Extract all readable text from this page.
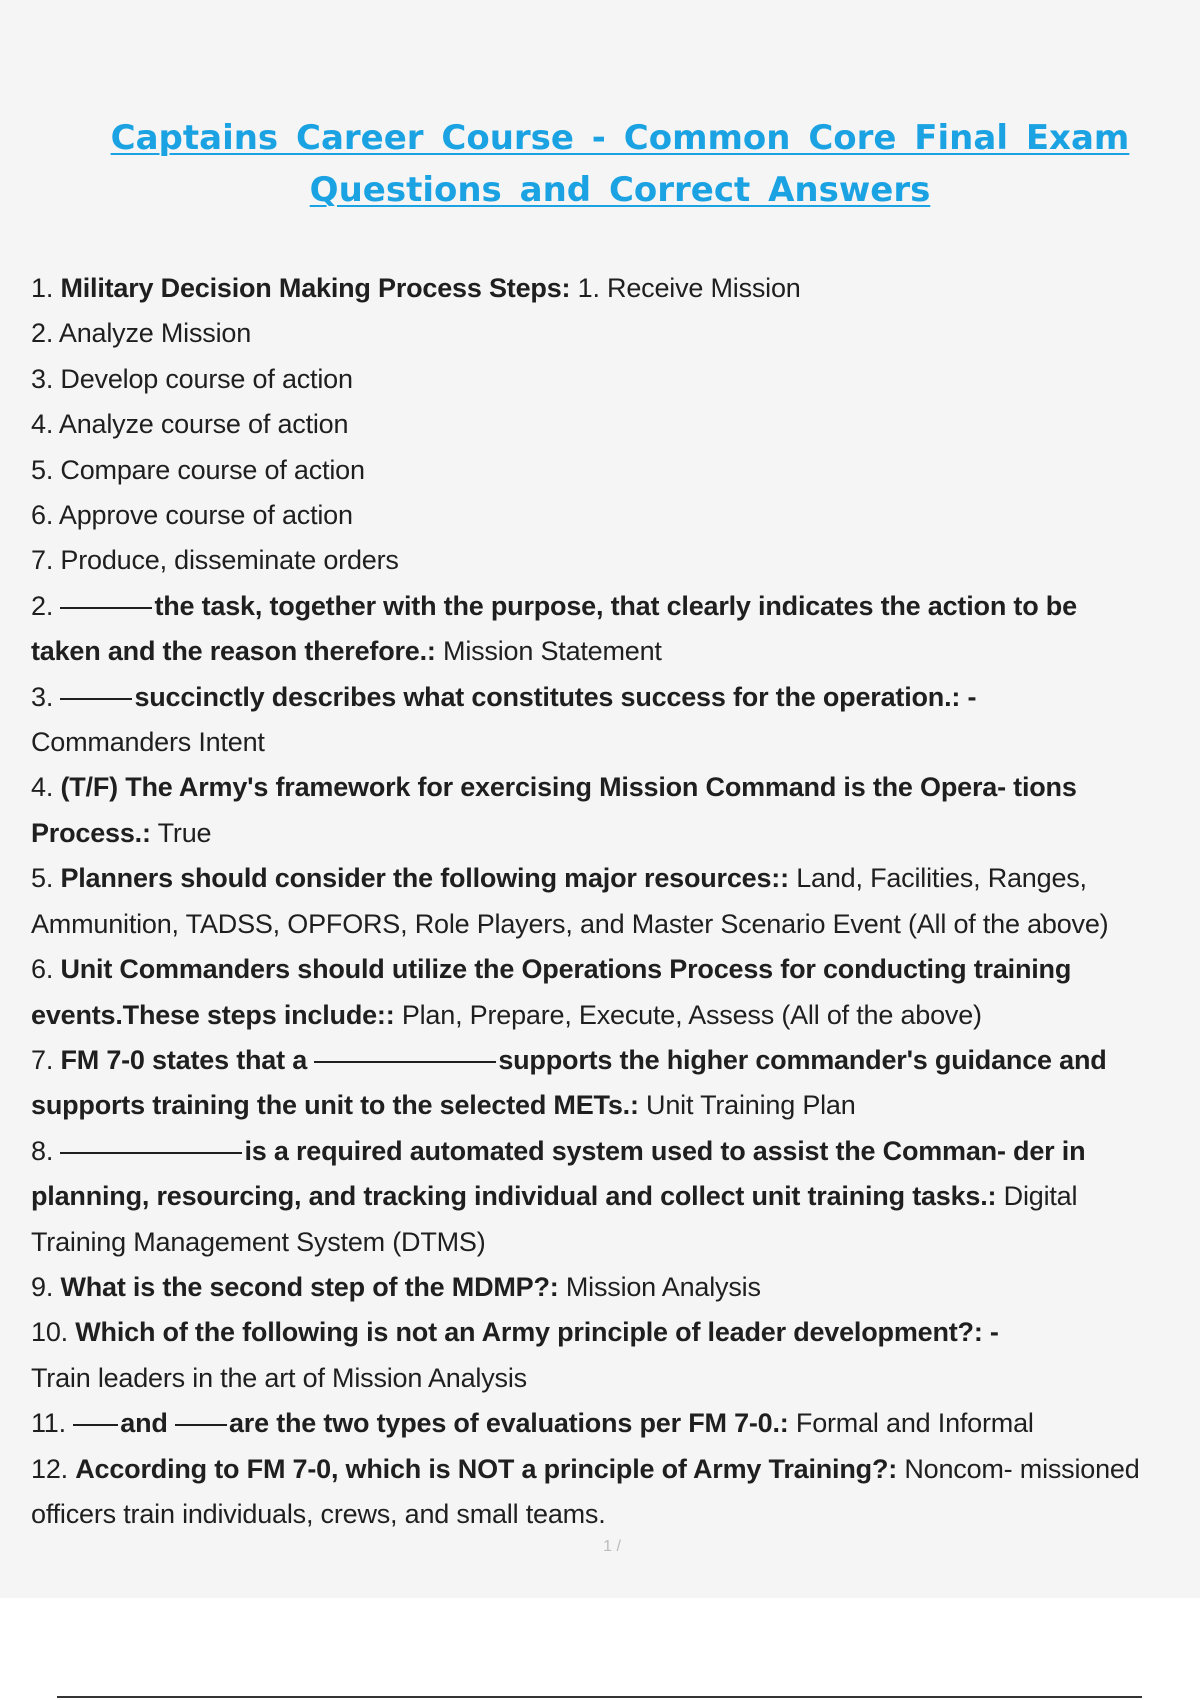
Captains Career Course - Common Core Final Exam
Questions and Correct Answers
1. Military Decision Making Process Steps: 1. Receive Mission
2. Analyze Mission
3. Develop course of action
4. Analyze course of action
5. Compare course of action
6. Approve course of action
7. Produce, disseminate orders
2.	the task, together with the purpose, that clearly indicates the action to be
taken and the reason therefore.: Mission Statement
3.	succinctly describes what constitutes success for the operation.: -
Commanders Intent
4. (T/F) The Army's framework for exercising Mission Command is the Opera- tions
Process.: True
5. Planners should consider the following major resources:: Land, Facilities, Ranges,
Ammunition, TADSS, OPFORS, Role Players, and Master Scenario Event (All of the above)
6. Unit Commanders should utilize the Operations Process for conducting training
events.These steps include:: Plan, Prepare, Execute, Assess (All of the above)
7. FM 7-0 states that a	supports the higher commander's guidance and
supports training the unit to the selected METs.: Unit Training Plan
8.	is a required automated system used to assist the Comman- der in
planning, resourcing, and tracking individual and collect unit training tasks.: Digital
Training Management System (DTMS)
9. What is the second step of the MDMP?: Mission Analysis
10. Which of the following is not an Army principle of leader development?: -
Train leaders in the art of Mission Analysis
11. and are the two types of evaluations per FM 7-0.: Formal and Informal
12. According to FM 7-0, which is NOT a principle of Army Training?: Noncom- missioned
officers train individuals, crews, and small teams.
1 /
